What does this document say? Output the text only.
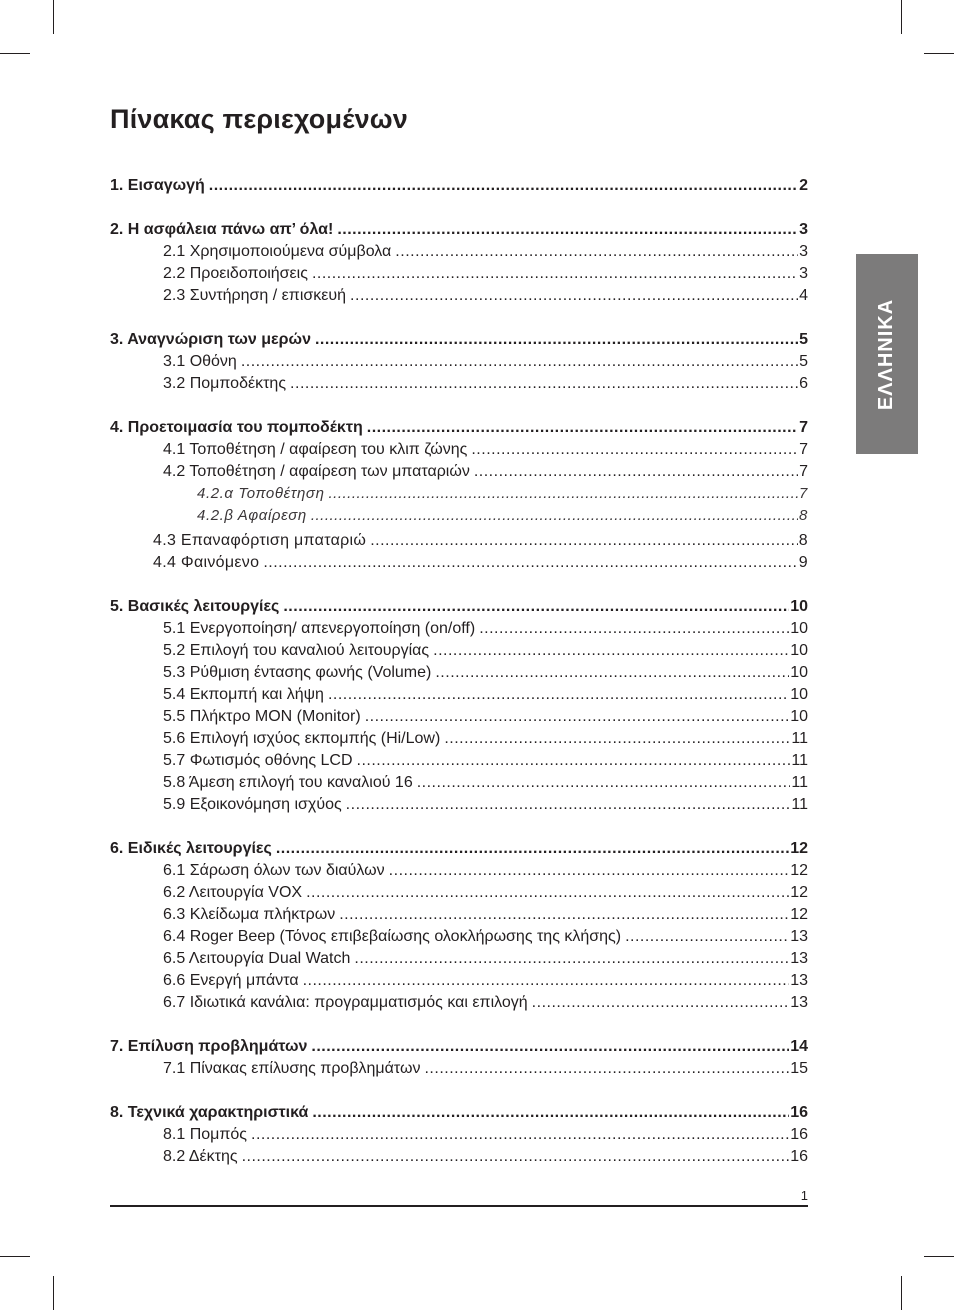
Πίνακας περιεχομένων
ΕΛΛΗΝΙΚΑ
1. Εισαγωγή .....	2
2. Η ασφάλεια πάνω απ’ όλα! .....	3
2.1 Χρησιμοποιούμενα σύμβολα .....	3
2.2 Προειδοποιήσεις .....	3
2.3 Συντήρηση / επισκευή .....	4
3. Αναγνώριση των μερών .....	5
3.1 Οθόνη .....	5
3.2 Πομποδέκτης .....	6
4. Προετοιμασία του πομποδέκτη .....	7
4.1 Τοποθέτηση / αφαίρεση του κλιπ ζώνης .....	7
4.2 Τοποθέτηση / αφαίρεση των μπαταριών .....	7
4.2.α Τοποθέτηση .....	7
4.2.β Αφαίρεση .....	8
4.3 Επαναφόρτιση μπαταριώ .....	8
4.4 Φαινόμενο .....	9
5. Βασικές λειτουργίες .....	10
5.1 Ενεργοποίηση/ απενεργοποίηση (on/off) .....	10
5.2 Επιλογή του καναλιού λειτουργίας .....	10
5.3 Ρύθμιση έντασης φωνής (Volume) .....	10
5.4 Εκπομπή και λήψη .....	10
5.5 Πλήκτρο MON (Monitor) .....	10
5.6 Επιλογή ισχύος εκπομπής (Hi/Low) .....	11
5.7 Φωτισμός οθόνης LCD .....	11
5.8 Άμεση επιλογή του καναλιού 16 .....	11
5.9 Εξοικονόμηση ισχύος .....	11
6. Ειδικές λειτουργίες .....	12
6.1 Σάρωση όλων των διαύλων .....	12
6.2 Λειτουργία VOX .....	12
6.3 Κλείδωμα πλήκτρων .....	12
6.4 Roger Beep (Τόνος επιβεβαίωσης ολοκλήρωσης της κλήσης) .....	13
6.5 Λειτουργία Dual Watch .....	13
6.6 Ενεργή μπάντα .....	13
6.7 Ιδιωτικά κανάλια: προγραμματισμός και επιλογή .....	13
7. Επίλυση προβλημάτων .....	14
7.1 Πίνακας επίλυσης προβλημάτων .....	15
8. Τεχνικά χαρακτηριστικά .....	16
8.1 Πομπός .....	16
8.2 Δέκτης .....	16
1
